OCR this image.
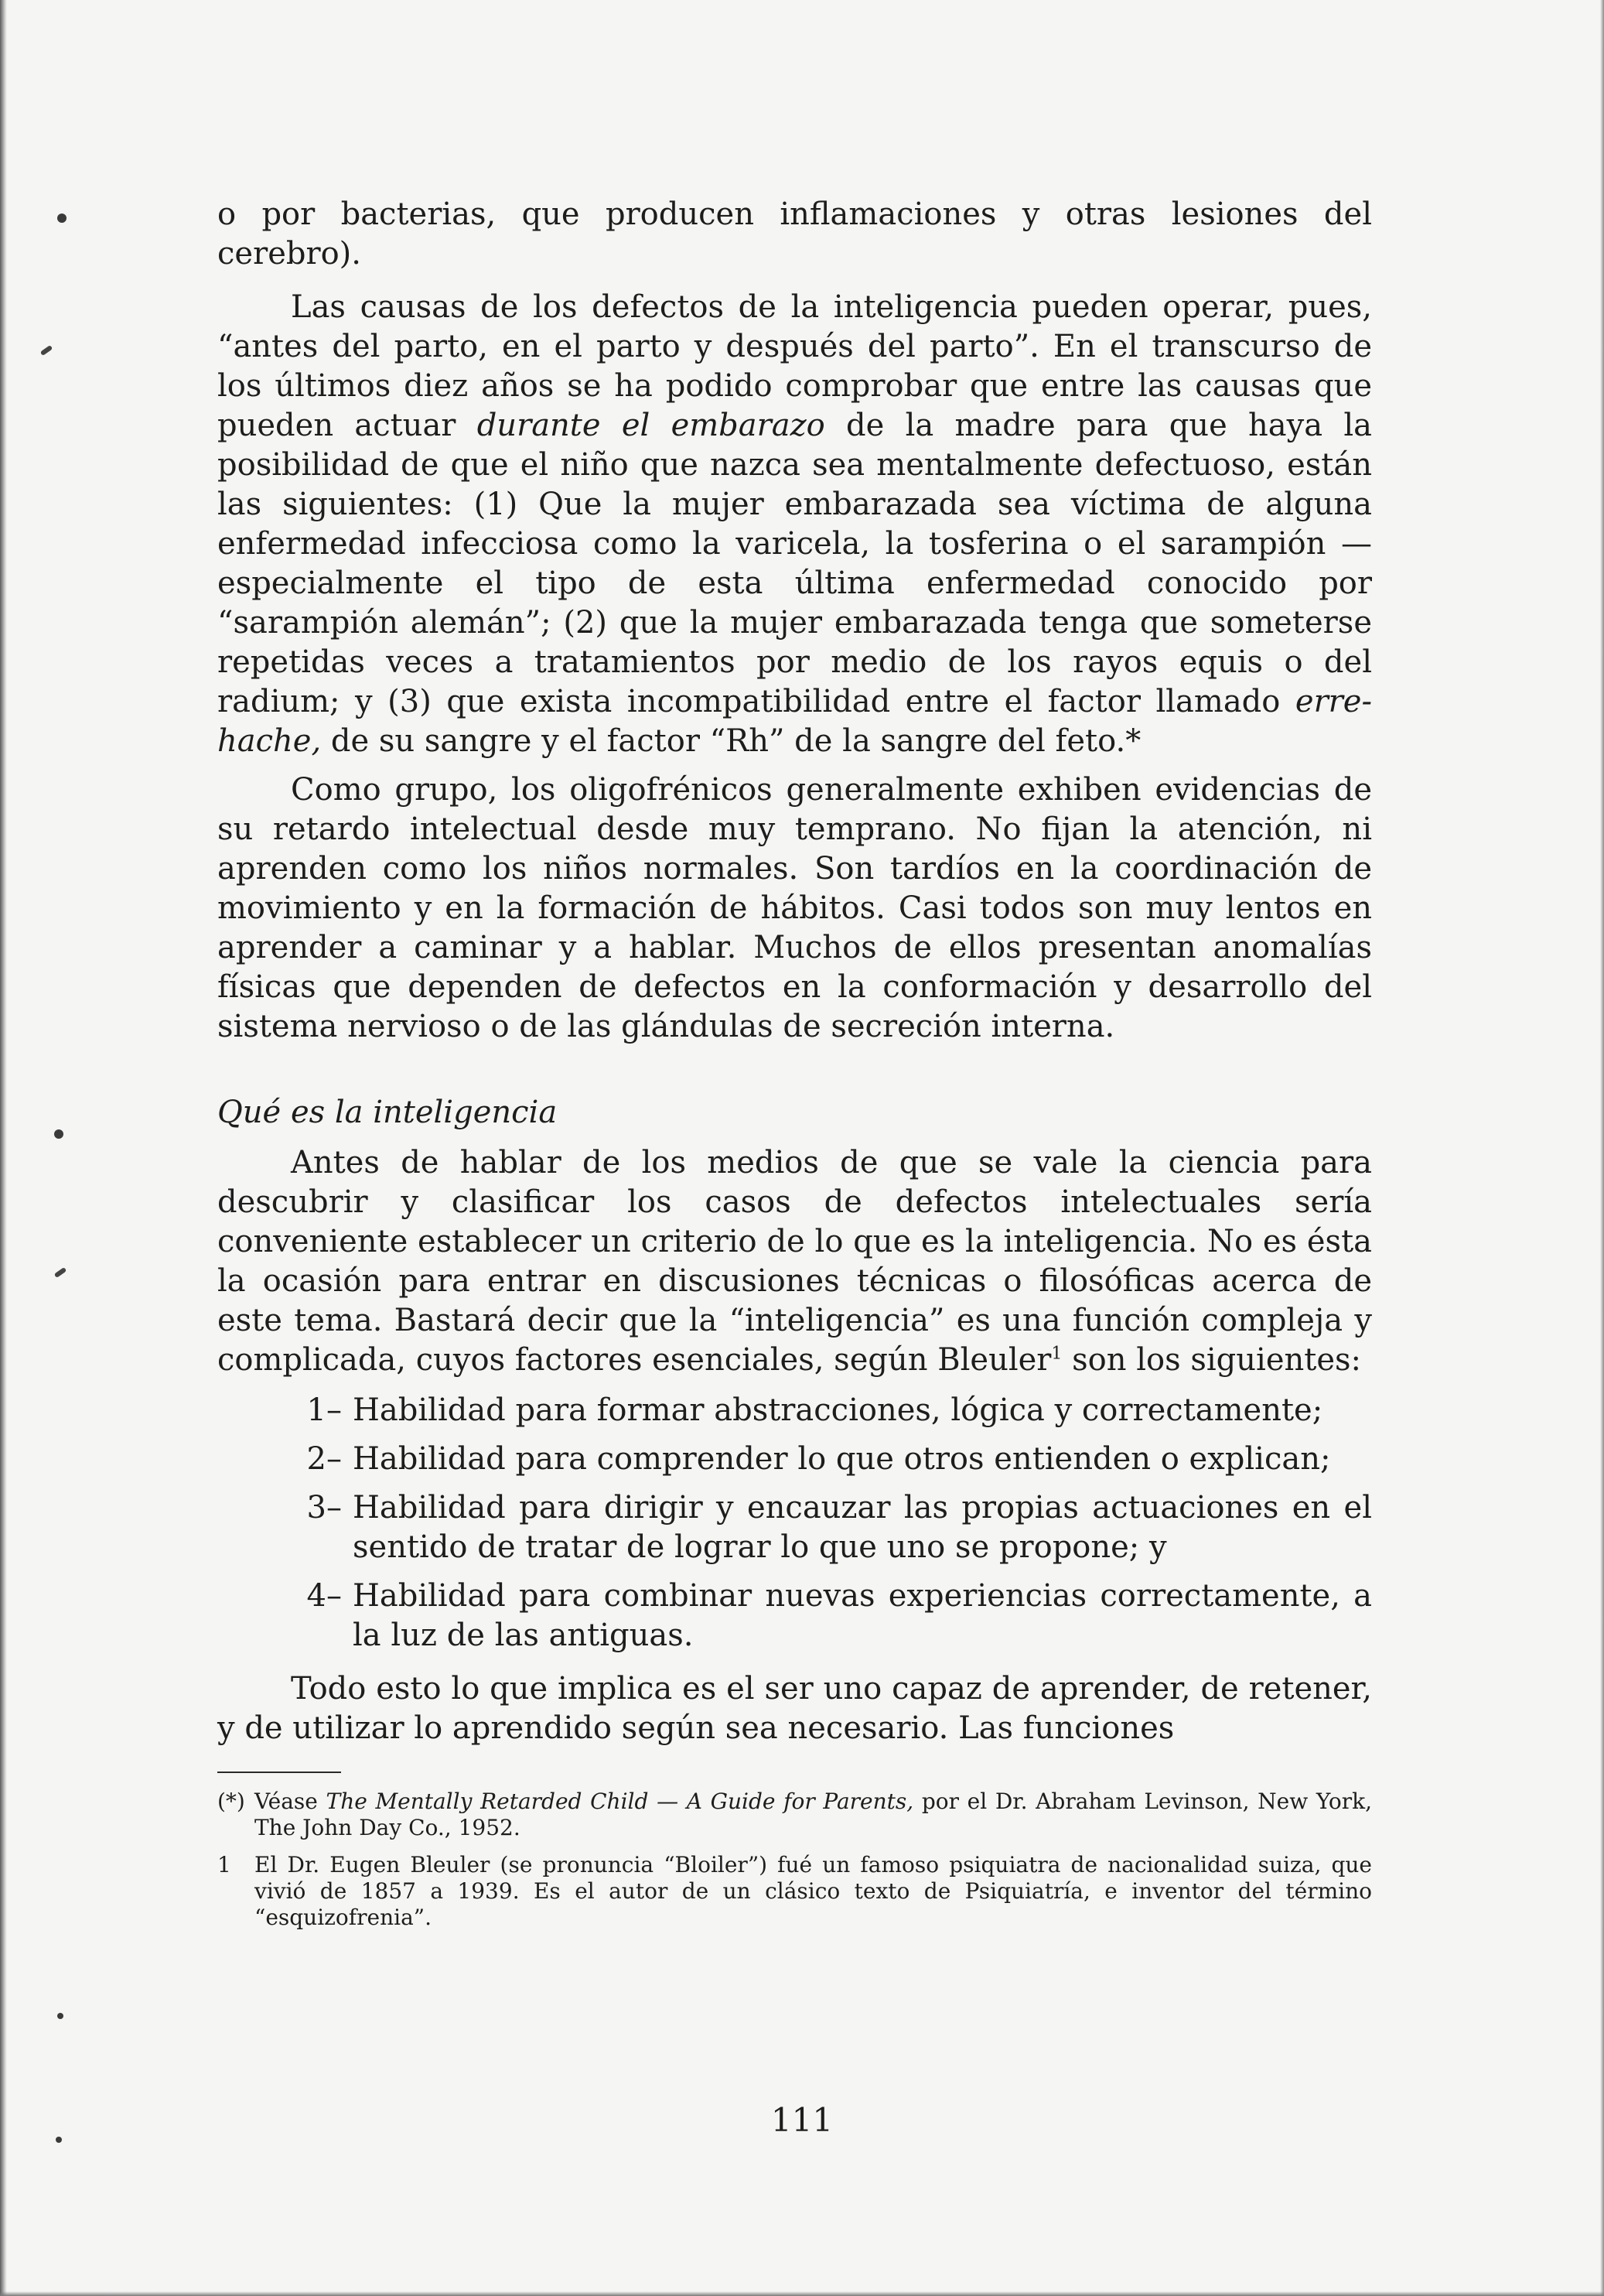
o por bacterias, que producen inflamaciones y otras lesiones del cerebro).

Las causas de los defectos de la inteligencia pueden operar, pues, “antes del parto, en el parto y después del parto”. En el transcurso de los últimos diez años se ha podido comprobar que entre las causas que pueden actuar durante el embarazo de la madre para que haya la posibilidad de que el niño que nazca sea mentalmente defectuoso, están las siguientes: (1) Que la mujer embarazada sea víctima de alguna enfermedad infecciosa como la varicela, la tosferina o el sarampión — especialmente el tipo de esta última enfermedad conocido por “sarampión alemán”; (2) que la mujer embarazada tenga que someterse repetidas veces a tratamientos por medio de los rayos equis o del radium; y (3) que exista incompatibilidad entre el factor llamado erre-hache, de su sangre y el factor “Rh” de la sangre del feto.*

Como grupo, los oligofrénicos generalmente exhiben evidencias de su retardo intelectual desde muy temprano. No fijan la atención, ni aprenden como los niños normales. Son tardíos en la coordinación de movimiento y en la formación de hábitos. Casi todos son muy lentos en aprender a caminar y a hablar. Muchos de ellos presentan anomalías físicas que dependen de defectos en la conformación y desarrollo del sistema nervioso o de las glándulas de secreción interna.

Qué es la inteligencia

Antes de hablar de los medios de que se vale la ciencia para descubrir y clasificar los casos de defectos intelectuales sería conveniente establecer un criterio de lo que es la inteligencia. No es ésta la ocasión para entrar en discusiones técnicas o filosóficas acerca de este tema. Bastará decir que la “inteligencia” es una función compleja y complicada, cuyos factores esenciales, según Bleuler$^1$ son los siguientes:

1– Habilidad para formar abstracciones, lógica y correctamente;
2– Habilidad para comprender lo que otros entienden o explican;
3– Habilidad para dirigir y encauzar las propias actuaciones en el sentido de tratar de lograr lo que uno se propone; y
4– Habilidad para combinar nuevas experiencias correctamente, a la luz de las antiguas.

Todo esto lo que implica es el ser uno capaz de aprender, de retener, y de utilizar lo aprendido según sea necesario. Las funciones

(*) Véase The Mentally Retarded Child — A Guide for Parents, por el Dr. Abraham Levinson, New York, The John Day Co., 1952.
1	El Dr. Eugen Bleuler (se pronuncia “Bloiler”) fué un famoso psiquiatra de nacionalidad suiza, que vivió de 1857 a 1939. Es el autor de un clásico texto de Psiquiatría, e inventor del término “esquizofrenia”.
111
